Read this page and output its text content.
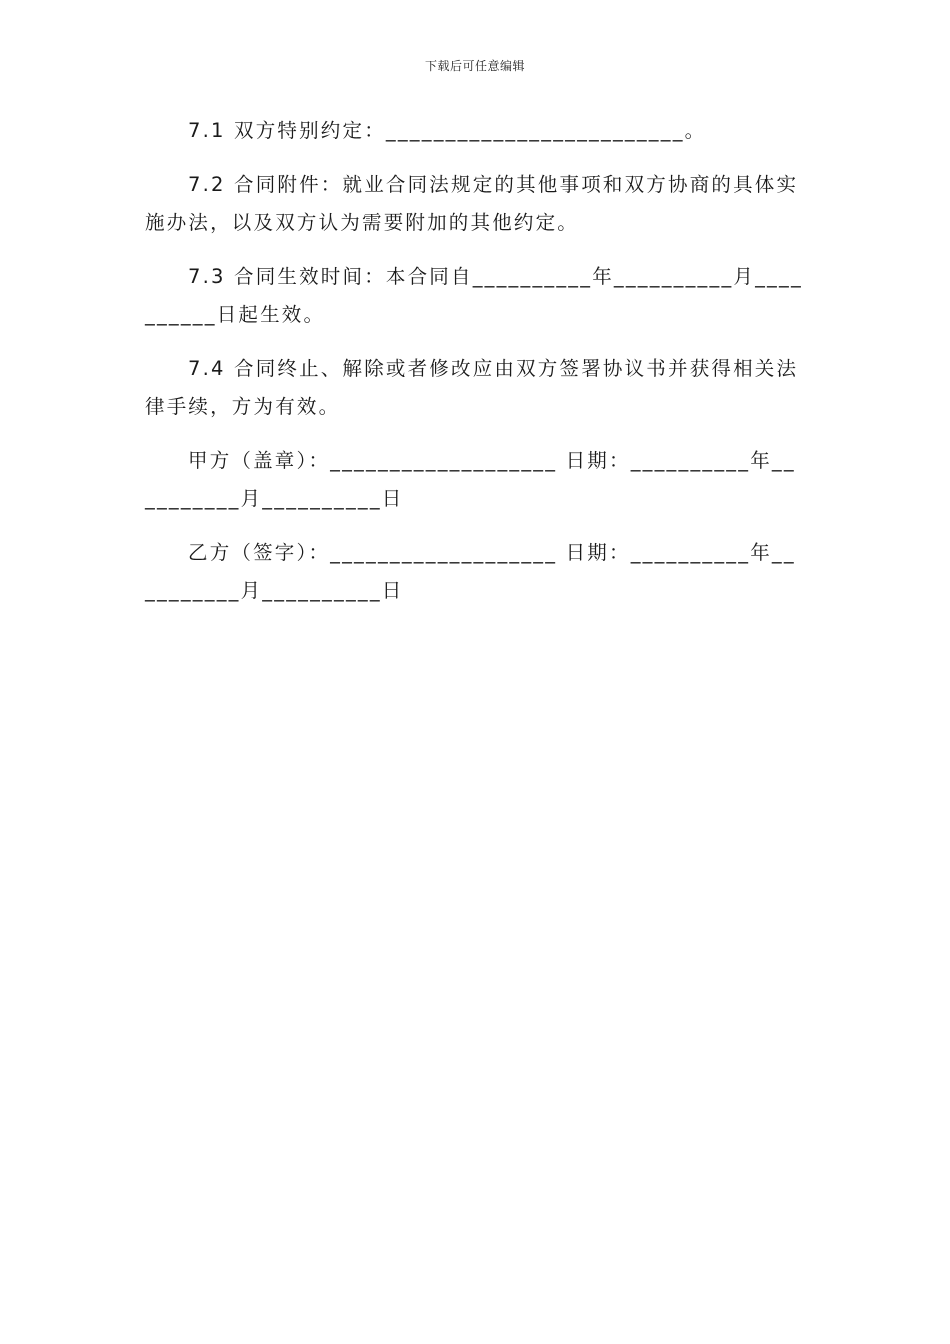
下载后可任意编辑

7.1 双方特别约定：_________________________。

7.2 合同附件：就业合同法规定的其他事项和双方协商的具体实施办法，以及双方认为需要附加的其他约定。

7.3 合同生效时间：本合同自__________年__________月__________日起生效。

7.4 合同终止、解除或者修改应由双方签署协议书并获得相关法律手续，方为有效。

甲方（盖章）：___________________ 日期：__________年__________月__________日

乙方（签字）：___________________ 日期：__________年__________月__________日
